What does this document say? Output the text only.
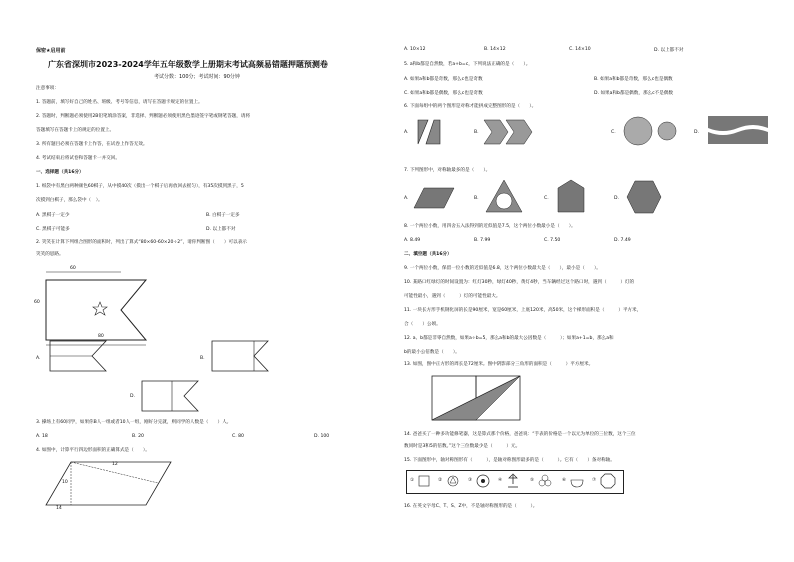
保密★启用前
广东省深圳市2023-2024学年五年级数学上册期末考试高频易错题押题预测卷
考试分数：100分；考试时间：90分钟
注意事项：
1. 答题前，填写好自己的姓名、班级、考号等信息，请写在答题卡规定的位置上。
2. 答题时，判断题必须使用2B铅笔填涂答案，非选择、判断题必须使用黑色墨迹签字笔或钢笔答题，请将
答题填写在答题卡上的规定的位置上。
3. 所有题目必须在答题卡上作答，在试卷上作答无效。
4. 考试结束后将试卷和答题卡一并交回。
一、选择题（共16分）
1. 纸袋中有黑白两种颜色60棋子，从中摸40次（摸出一个棋子后再放回去摇匀），有35次摸到黑子，5
次摸到白棋子，那么袋中（　）。
A. 黑棋子一定少	B. 白棋子一定多
C. 黑棋子可能多	D. 以上都不对
2. 笑笑在计算下列组合图形的面积时，列出了算式“80×60-60×20÷2”，请你判断图（　　）可以表示
笑笑的思路。
60
60
80
A.	B.
D.
3. 操场上有60同学，如果你B人一组或者10人一组，刚好分完就，则同学的人数是（　　）人。
A. 18	B. 20	C. 80	D. 100
4. 如图中，计算平行四边形面积的正确算式是（　　）。
12
10
14
A. 10×12	B. 14×12	C. 14×10	D. 以上都不对
5. a和b都是自然数，若a+b=c，下列说法正确的是（　　）。
A. 如果a和b都是奇数，那么c也是奇数	B. 如果a和b都是奇数，那么c也是偶数
C. 如果a和b都是偶数，那么c也是奇数	D. 如果a和b都是偶数，那么c不是偶数
6. 下面每组中的两个图形是对称才能拼成完整图形的是（　　）。
A.	B.	C.	D.
7. 下列图形中，对称轴最多的是（　　）。
A.	B.	C.	D.
8. 一个两位小数，用四舍五入法得到的近似值是7.5，这个两位小数最小是（　　）。
A. 8.49	B. 7.99	C. 7.50	D. 7.49
二、填空题（共16分）
9. 一个两位小数，保留一位小数的近似值是6.8，这个两位小数最大是（　　），最小是（　　）。
10. 某路口红绿灯的时间设置为：红灯30秒，绿灯40秒，黄灯4秒，当车辆经过这个路口时，遇到（　　　）灯的
可能性最小，遇到（　　　）灯的可能性最大。
11. 一块长方形手机钢化屏的长是90厘米，宽是60厘米，上底120米，高50米，这个梯形面积是（　　　）平方米，
合（　　）公顷。
12. a、b都是非零自然数，如果a÷b=5，那么a和b的最大公因数是（　　　）；如果a+1=b，那么a和
b的最小公倍数是（　　）。
13. 如图，图中正方形的周长是72厘米。图中阴影部分三角形的面积是（　　　）平方厘米。
14. 爸爸买了一种多功能修笔器，这是算式那个价格，爸爸说：“手表的价格是一个以元为单位的三位数，这个三位
数同时是3和5的倍数。”这个三位数最少是（　　　）元。
15. 下面图形中，轴对称图形有（　　　），是轴对称图形最多的是（　　　）。它有（　　）条对称轴。
①	②	③	④	⑤	⑥	⑦
16. 在英文字母C、T、S、Z中，不是轴对称图形的是（　　　）。
